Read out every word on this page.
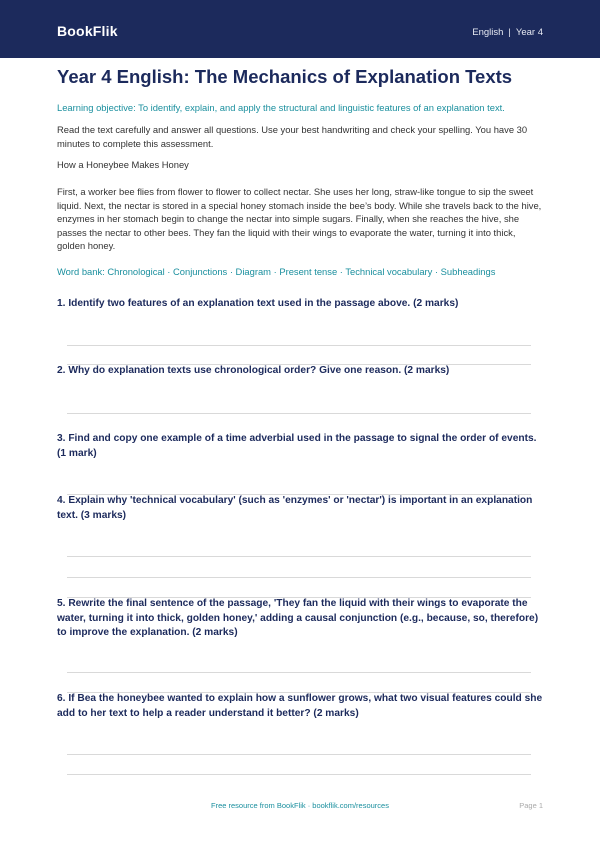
BookFlik	English | Year 4
Year 4 English: The Mechanics of Explanation Texts
Learning objective: To identify, explain, and apply the structural and linguistic features of an explanation text.
Read the text carefully and answer all questions. Use your best handwriting and check your spelling. You have 30 minutes to complete this assessment.
How a Honeybee Makes Honey
First, a worker bee flies from flower to flower to collect nectar. She uses her long, straw-like tongue to sip the sweet liquid. Next, the nectar is stored in a special honey stomach inside the bee’s body. While she travels back to the hive, enzymes in her stomach begin to change the nectar into simple sugars. Finally, when she reaches the hive, she passes the nectar to other bees. They fan the liquid with their wings to evaporate the water, turning it into thick, golden honey.
Word bank: Chronological · Conjunctions · Diagram · Present tense · Technical vocabulary · Subheadings
1. Identify two features of an explanation text used in the passage above. (2 marks)
2. Why do explanation texts use chronological order? Give one reason. (2 marks)
3. Find and copy one example of a time adverbial used in the passage to signal the order of events. (1 mark)
4. Explain why 'technical vocabulary' (such as 'enzymes' or 'nectar') is important in an explanation text. (3 marks)
5. Rewrite the final sentence of the passage, 'They fan the liquid with their wings to evaporate the water, turning it into thick, golden honey,' adding a causal conjunction (e.g., because, so, therefore) to improve the explanation. (2 marks)
6. If Bea the honeybee wanted to explain how a sunflower grows, what two visual features could she add to her text to help a reader understand it better? (2 marks)
Free resource from BookFlik · bookflik.com/resources	Page 1
